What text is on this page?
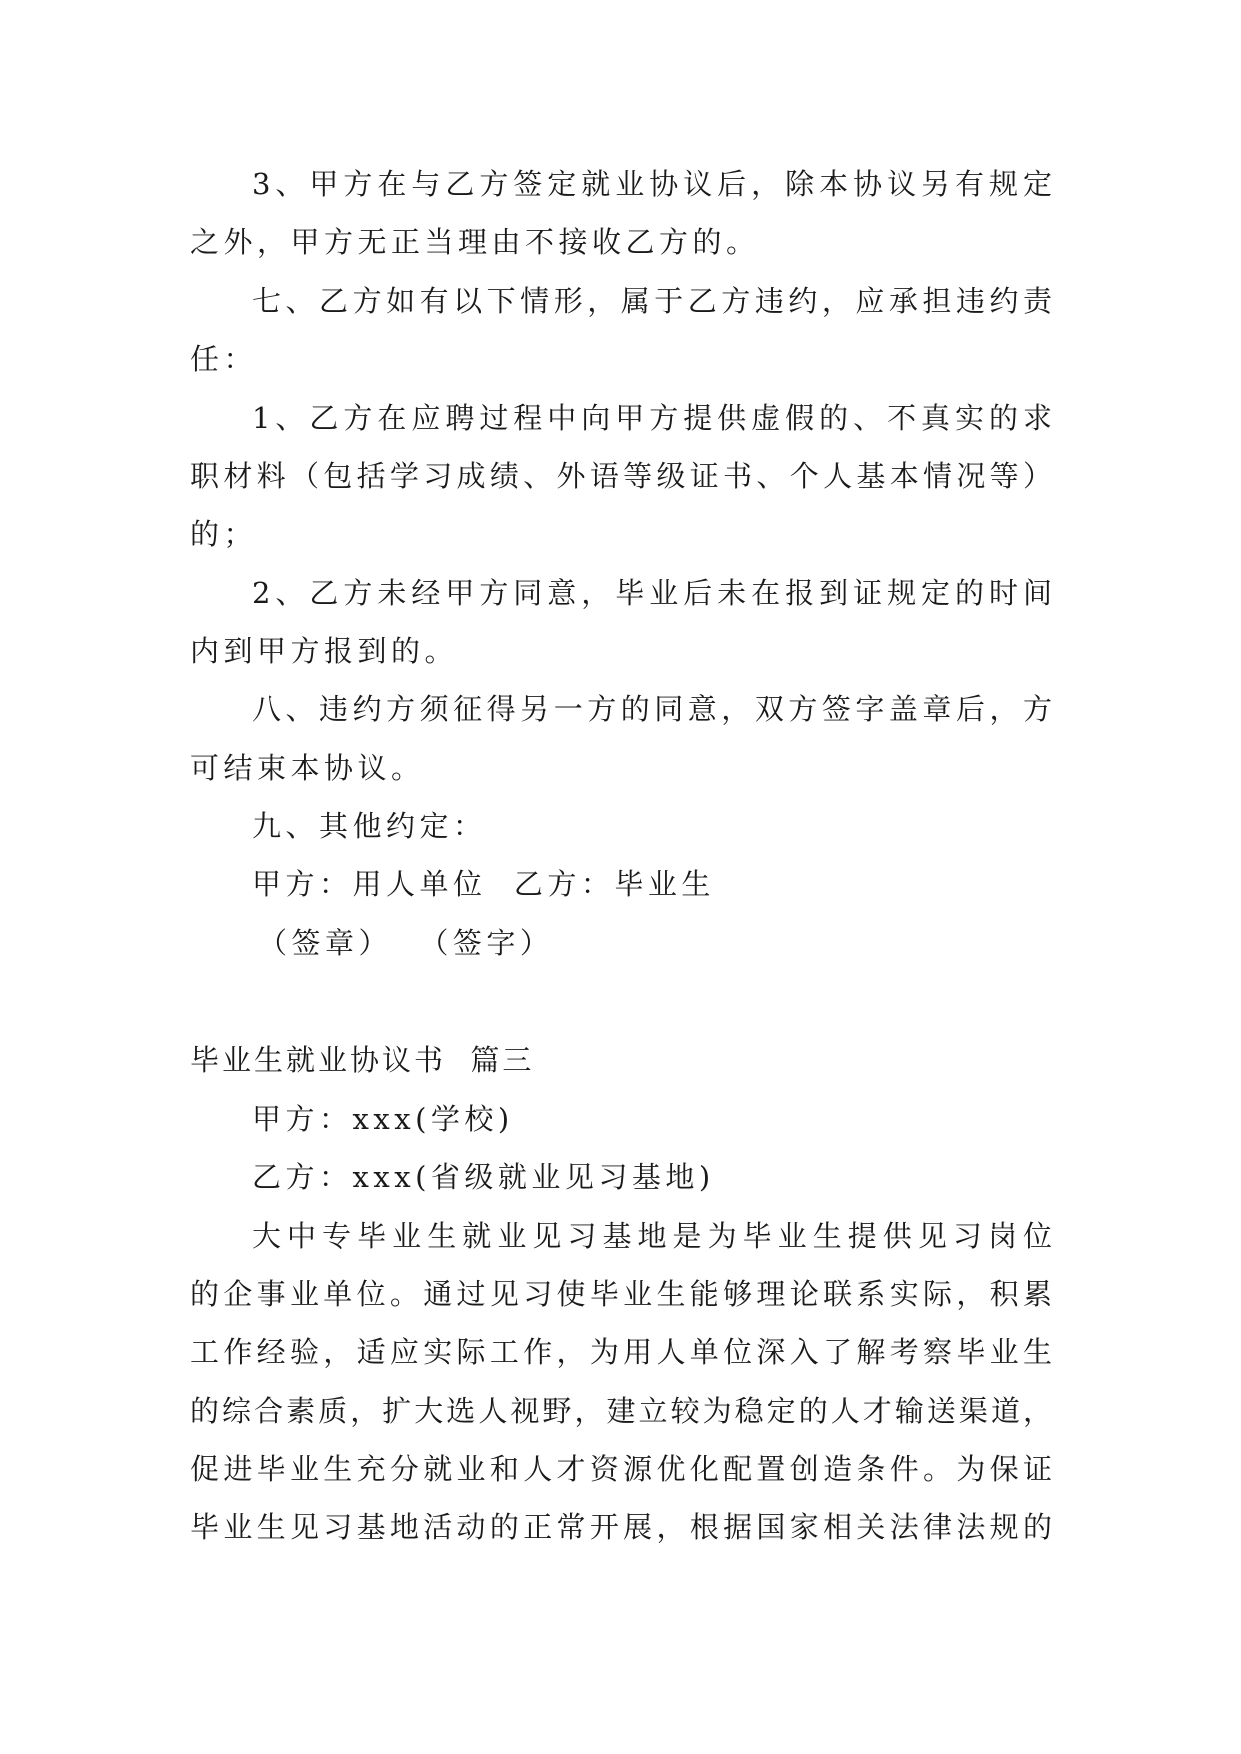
3、甲方在与乙方签定就业协议后，除本协议另有规定
之外，甲方无正当理由不接收乙方的。
七、乙方如有以下情形，属于乙方违约，应承担违约责
任：
1、乙方在应聘过程中向甲方提供虚假的、不真实的求
职材料（包括学习成绩、外语等级证书、个人基本情况等）
的；
2、乙方未经甲方同意，毕业后未在报到证规定的时间
内到甲方报到的。
八、违约方须征得另一方的同意，双方签字盖章后，方
可结束本协议。
九、其他约定：
甲方：用人单位  乙方：毕业生
（签章）  （签字）
毕业生就业协议书  篇三
甲方：xxx(学校)
乙方：xxx(省级就业见习基地)
大中专毕业生就业见习基地是为毕业生提供见习岗位
的企事业单位。通过见习使毕业生能够理论联系实际，积累
工作经验，适应实际工作，为用人单位深入了解考察毕业生
的综合素质，扩大选人视野，建立较为稳定的人才输送渠道，
促进毕业生充分就业和人才资源优化配置创造条件。为保证
毕业生见习基地活动的正常开展，根据国家相关法律法规的
